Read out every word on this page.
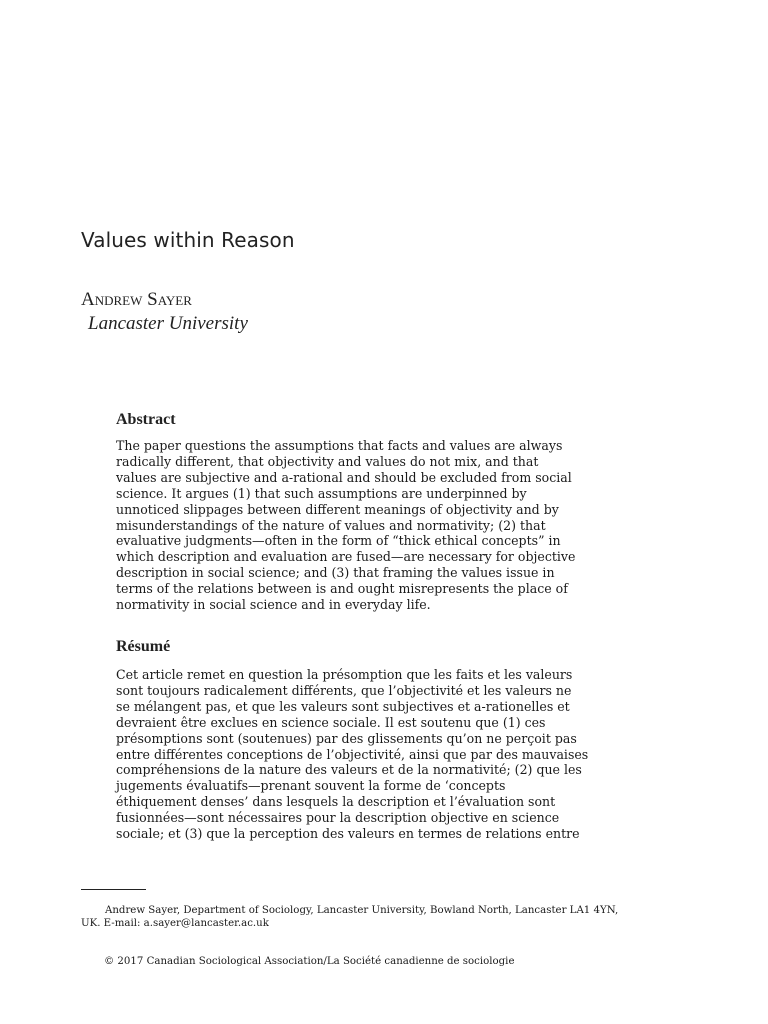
Values within Reason
Andrew Sayer
Lancaster University
Abstract
The paper questions the assumptions that facts and values are always
radically different, that objectivity and values do not mix, and that
values are subjective and a-rational and should be excluded from social
science. It argues (1) that such assumptions are underpinned by
unnoticed slippages between different meanings of objectivity and by
misunderstandings of the nature of values and normativity; (2) that
evaluative judgments—often in the form of “thick ethical concepts” in
which description and evaluation are fused—are necessary for objective
description in social science; and (3) that framing the values issue in
terms of the relations between is and ought misrepresents the place of
normativity in social science and in everyday life.
Résumé
Cet article remet en question la présomption que les faits et les valeurs
sont toujours radicalement différents, que l’objectivité et les valeurs ne
se mélangent pas, et que les valeurs sont subjectives et a-rationelles et
devraient être exclues en science sociale. Il est soutenu que (1) ces
présomptions sont (soutenues) par des glissements qu’on ne perçoit pas
entre différentes conceptions de l’objectivité, ainsi que par des mauvaises
compréhensions de la nature des valeurs et de la normativité; (2) que les
jugements évaluatifs—prenant souvent la forme de ‘concepts
éthiquement denses’ dans lesquels la description et l’évaluation sont
fusionnées—sont nécessaires pour la description objective en science
sociale; et (3) que la perception des valeurs en termes de relations entre
Andrew Sayer, Department of Sociology, Lancaster University, Bowland North, Lancaster LA1 4YN,
UK. E-mail: a.sayer@lancaster.ac.uk
© 2017 Canadian Sociological Association/La Société canadienne de sociologie
